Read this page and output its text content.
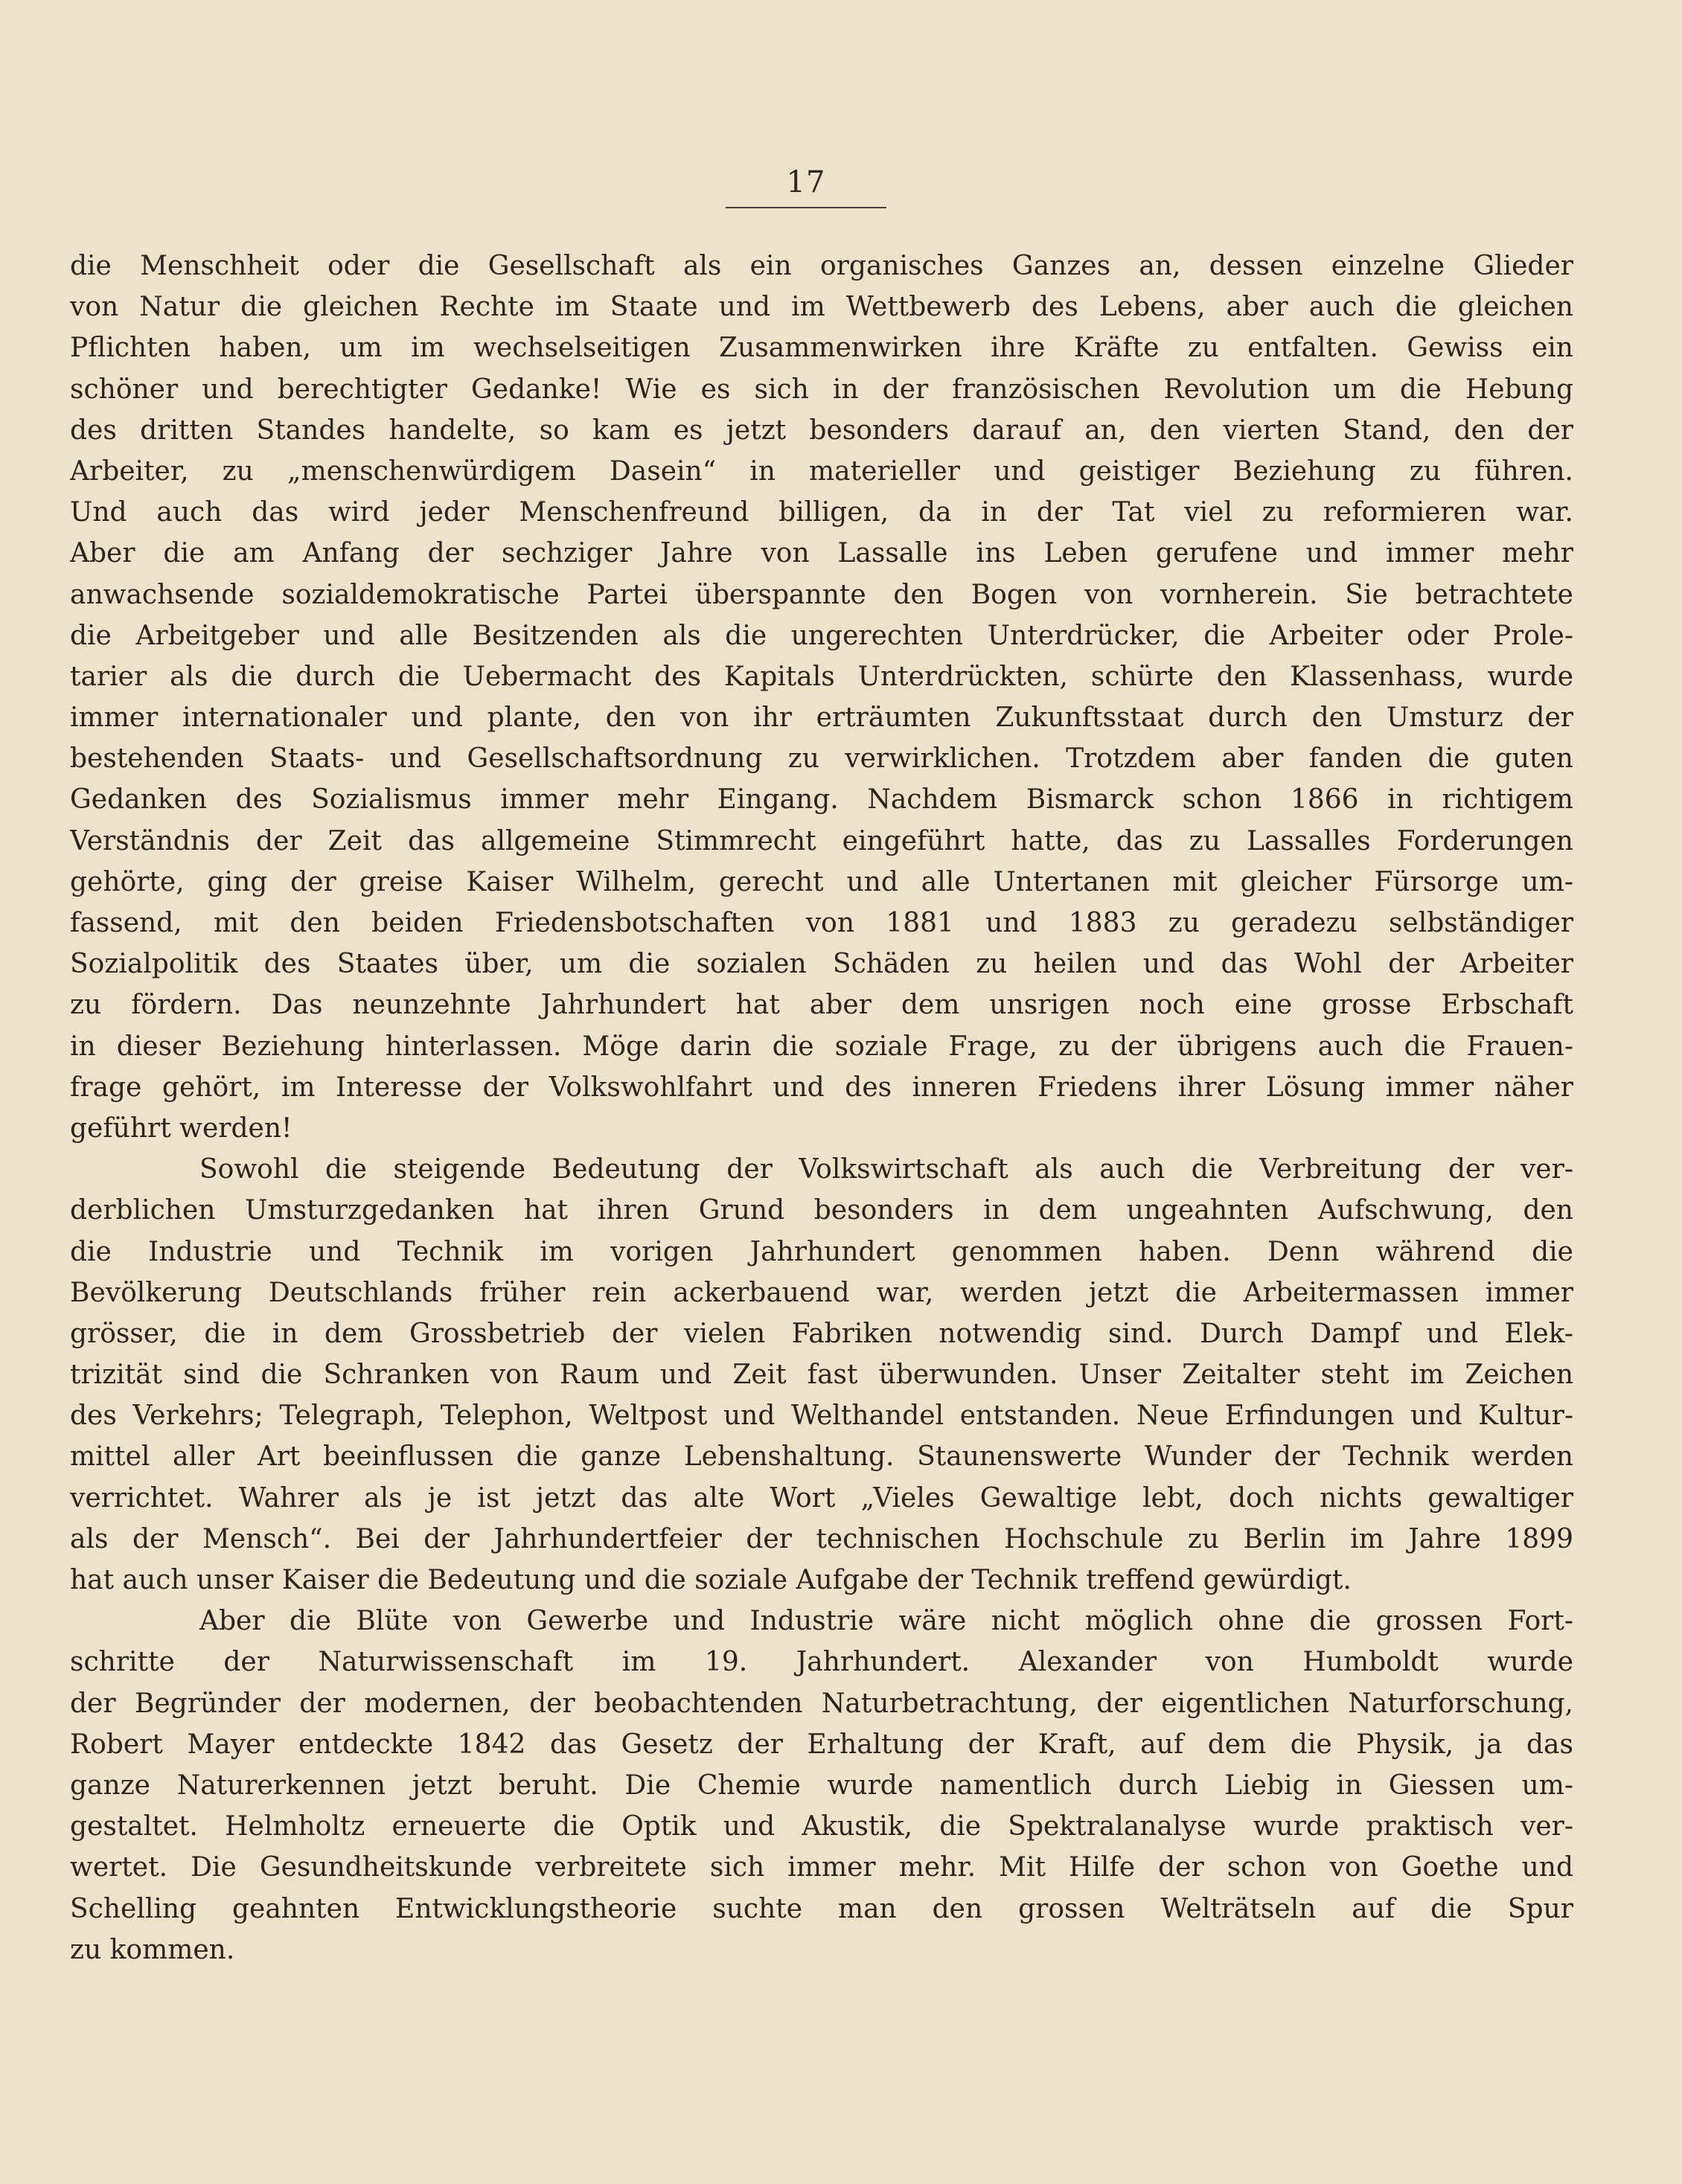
17
die Menschheit oder die Gesellschaft als ein organisches Ganzes an, dessen einzelne Glieder
von Natur die gleichen Rechte im Staate und im Wettbewerb des Lebens, aber auch die gleichen
Pflichten haben, um im wechselseitigen Zusammenwirken ihre Kräfte zu entfalten. Gewiss ein
schöner und berechtigter Gedanke! Wie es sich in der französischen Revolution um die Hebung
des dritten Standes handelte, so kam es jetzt besonders darauf an, den vierten Stand, den der
Arbeiter, zu „menschenwürdigem Dasein“ in materieller und geistiger Beziehung zu führen.
Und auch das wird jeder Menschenfreund billigen, da in der Tat viel zu reformieren war.
Aber die am Anfang der sechziger Jahre von Lassalle ins Leben gerufene und immer mehr
anwachsende sozialdemokratische Partei überspannte den Bogen von vornherein. Sie betrachtete
die Arbeitgeber und alle Besitzenden als die ungerechten Unterdrücker, die Arbeiter oder Prole-
tarier als die durch die Uebermacht des Kapitals Unterdrückten, schürte den Klassenhass, wurde
immer internationaler und plante, den von ihr erträumten Zukunftsstaat durch den Umsturz der
bestehenden Staats- und Gesellschaftsordnung zu verwirklichen. Trotzdem aber fanden die guten
Gedanken des Sozialismus immer mehr Eingang. Nachdem Bismarck schon 1866 in richtigem
Verständnis der Zeit das allgemeine Stimmrecht eingeführt hatte, das zu Lassalles Forderungen
gehörte, ging der greise Kaiser Wilhelm, gerecht und alle Untertanen mit gleicher Fürsorge um-
fassend, mit den beiden Friedensbotschaften von 1881 und 1883 zu geradezu selbständiger
Sozialpolitik des Staates über, um die sozialen Schäden zu heilen und das Wohl der Arbeiter
zu fördern. Das neunzehnte Jahrhundert hat aber dem unsrigen noch eine grosse Erbschaft
in dieser Beziehung hinterlassen. Möge darin die soziale Frage, zu der übrigens auch die Frauen-
frage gehört, im Interesse der Volkswohlfahrt und des inneren Friedens ihrer Lösung immer näher
geführt werden!
Sowohl die steigende Bedeutung der Volkswirtschaft als auch die Verbreitung der ver-
derblichen Umsturzgedanken hat ihren Grund besonders in dem ungeahnten Aufschwung, den
die Industrie und Technik im vorigen Jahrhundert genommen haben. Denn während die
Bevölkerung Deutschlands früher rein ackerbauend war, werden jetzt die Arbeitermassen immer
grösser, die in dem Grossbetrieb der vielen Fabriken notwendig sind. Durch Dampf und Elek-
trizität sind die Schranken von Raum und Zeit fast überwunden. Unser Zeitalter steht im Zeichen
des Verkehrs; Telegraph, Telephon, Weltpost und Welthandel entstanden. Neue Erfindungen und Kultur-
mittel aller Art beeinflussen die ganze Lebenshaltung. Staunenswerte Wunder der Technik werden
verrichtet. Wahrer als je ist jetzt das alte Wort „Vieles Gewaltige lebt, doch nichts gewaltiger
als der Mensch“. Bei der Jahrhundertfeier der technischen Hochschule zu Berlin im Jahre 1899
hat auch unser Kaiser die Bedeutung und die soziale Aufgabe der Technik treffend gewürdigt.
Aber die Blüte von Gewerbe und Industrie wäre nicht möglich ohne die grossen Fort-
schritte der Naturwissenschaft im 19. Jahrhundert. Alexander von Humboldt wurde
der Begründer der modernen, der beobachtenden Naturbetrachtung, der eigentlichen Naturforschung,
Robert Mayer entdeckte 1842 das Gesetz der Erhaltung der Kraft, auf dem die Physik, ja das
ganze Naturerkennen jetzt beruht. Die Chemie wurde namentlich durch Liebig in Giessen um-
gestaltet. Helmholtz erneuerte die Optik und Akustik, die Spektralanalyse wurde praktisch ver-
wertet. Die Gesundheitskunde verbreitete sich immer mehr. Mit Hilfe der schon von Goethe und
Schelling geahnten Entwicklungstheorie suchte man den grossen Welträtseln auf die Spur
zu kommen.
